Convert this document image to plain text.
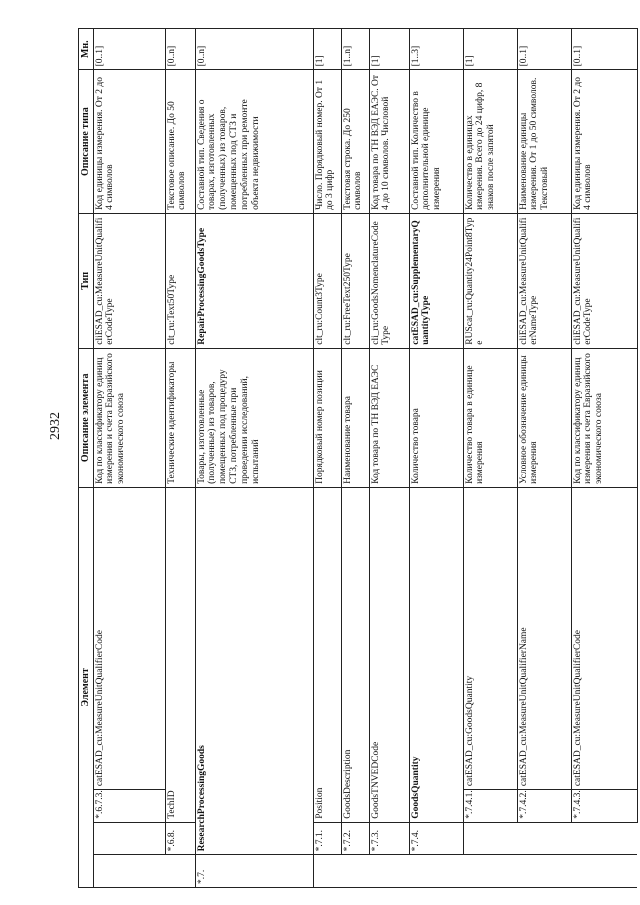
2932
Элемент				Описание элемента	Тип	Описание типа	Мн.
		*.6.7.3.	catESAD_cu:MeasureUnitQualifierCode	Код по классификатору единиц измерения и счета Евразийского экономического союза	cliESAD_cu:MeasureUnitQualifierCodeType	Код единицы измерения. От 2 до 4 символов	[0..1]
	*.6.8.	TechID		Технические идентификаторы	clt_ru:Text50Type	Текстовое описание. До 50 символов	[0..n]
*.7.	ResearchProcessingGoods			Товары, изготовленные (полученные) из товаров, помещенных под процедуру СТЗ, потребленные при проведении исследований, испытаний	RepairProcessingGoodsType	Составной тип. Сведения о товарах, изготовленных (полученных) из товаров, помещенных под СТЗ и потребленных при ремонте объекта недвижимости	[0..n]
	*.7.1.	Position		Порядковый номер позиции	clt_ru:Count3Type	Число. Порядковый номер. От 1 до 3 цифр	[1]
	*.7.2.	GoodsDescription		Наименование товара	clt_ru:FreeText250Type	Текстовая строка. До 250 символов	[1..n]
	*.7.3.	GoodsTNVEDCode		Код товара по ТН ВЭД ЕАЭС	cli_ru:GoodsNomenclatureCodeType	Код товара по ТН ВЭД ЕАЭС. От 4 до 10 символов. Числовой	[1]
	*.7.4.	GoodsQuantity		Количество товара	catESAD_cu:SupplementaryQuantityType	Составной тип. Количество в дополнительной единице измерения	[1..3]
		*.7.4.1.	catESAD_cu:GoodsQuantity	Количество товара в единице измерения	RUScat_ru:Quantity24Point8Type	Количество в единицах измерения. Всего до 24 цифр, 8 знаков после запятой	[1]
		*.7.4.2.	catESAD_cu:MeasureUnitQualifierName	Условное обозначение единицы измерения	cliESAD_cu:MeasureUnitQualifierNameType	Наименование единицы измерения. От 1 до 50 символов. Текстовый	[0..1]
		*.7.4.3.	catESAD_cu:MeasureUnitQualifierCode	Код по классификатору единиц измерения и счета Евразийского экономического союза	cliESAD_cu:MeasureUnitQualifierCodeType	Код единицы измерения. От 2 до 4 символов	[0..1]
